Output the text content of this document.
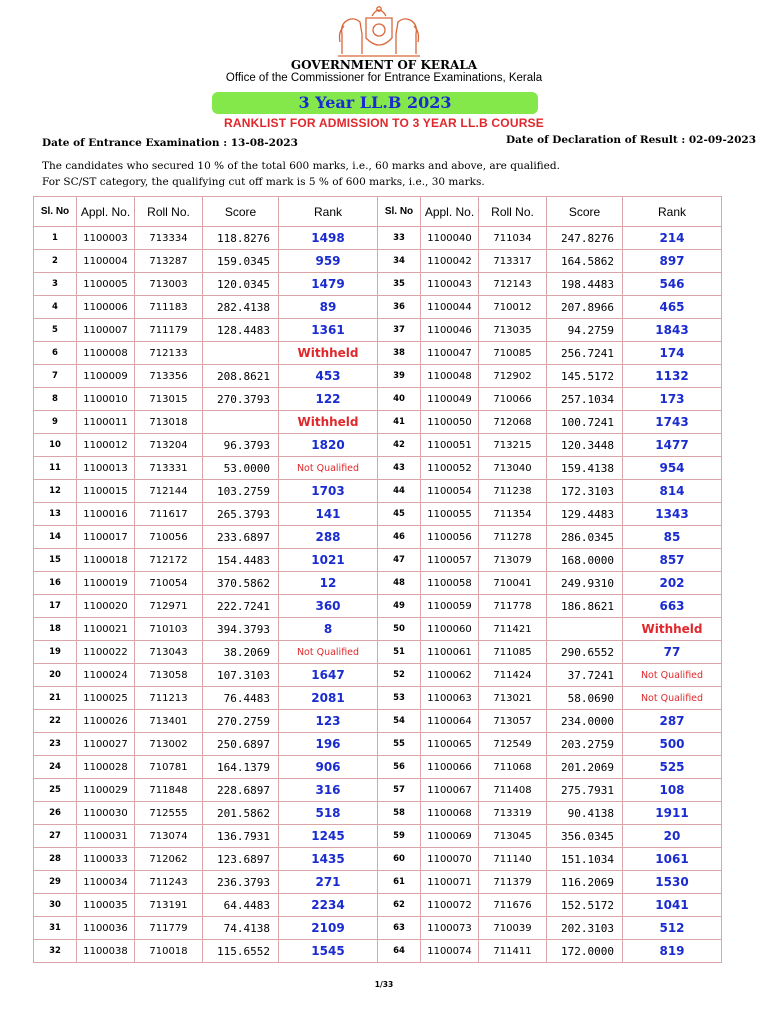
GOVERNMENT OF KERALA
Office of the Commissioner for Entrance Examinations, Kerala
3 Year LL.B 2023
RANKLIST FOR ADMISSION TO 3 YEAR LL.B COURSE
Date of Entrance Examination : 13-08-2023	Date of Declaration of Result : 02-09-2023
The candidates who secured 10 % of the total 600 marks, i.e., 60 marks and above, are qualified.
For SC/ST category, the qualifying cut off mark is 5 % of 600 marks, i.e., 30 marks.
Sl. No	Appl. No.	Roll No.	Score	Rank	Sl. No	Appl. No.	Roll No.	Score	Rank	
1	1100003	713334	118.8276	1498	33	1100040	711034	247.8276	214	
2	1100004	713287	159.0345	959	34	1100042	713317	164.5862	897	
3	1100005	713003	120.0345	1479	35	1100043	712143	198.4483	546	
4	1100006	711183	282.4138	89	36	1100044	710012	207.8966	465	
5	1100007	711179	128.4483	1361	37	1100046	713035	94.2759	1843	
6	1100008	712133		Withheld	38	1100047	710085	256.7241	174	
7	1100009	713356	208.8621	453	39	1100048	712902	145.5172	1132	
8	1100010	713015	270.3793	122	40	1100049	710066	257.1034	173	
9	1100011	713018		Withheld	41	1100050	712068	100.7241	1743	
10	1100012	713204	96.3793	1820	42	1100051	713215	120.3448	1477	
11	1100013	713331	53.0000	Not Qualified	43	1100052	713040	159.4138	954	
12	1100015	712144	103.2759	1703	44	1100054	711238	172.3103	814	
13	1100016	711617	265.3793	141	45	1100055	711354	129.4483	1343	
14	1100017	710056	233.6897	288	46	1100056	711278	286.0345	85	
15	1100018	712172	154.4483	1021	47	1100057	713079	168.0000	857	
16	1100019	710054	370.5862	12	48	1100058	710041	249.9310	202	
17	1100020	712971	222.7241	360	49	1100059	711778	186.8621	663	
18	1100021	710103	394.3793	8	50	1100060	711421		Withheld	
19	1100022	713043	38.2069	Not Qualified	51	1100061	711085	290.6552	77	
20	1100024	713058	107.3103	1647	52	1100062	711424	37.7241	Not Qualified	
21	1100025	711213	76.4483	2081	53	1100063	713021	58.0690	Not Qualified	
22	1100026	713401	270.2759	123	54	1100064	713057	234.0000	287	
23	1100027	713002	250.6897	196	55	1100065	712549	203.2759	500	
24	1100028	710781	164.1379	906	56	1100066	711068	201.2069	525	
25	1100029	711848	228.6897	316	57	1100067	711408	275.7931	108	
26	1100030	712555	201.5862	518	58	1100068	713319	90.4138	1911	
27	1100031	713074	136.7931	1245	59	1100069	713045	356.0345	20	
28	1100033	712062	123.6897	1435	60	1100070	711140	151.1034	1061	
29	1100034	711243	236.3793	271	61	1100071	711379	116.2069	1530	
30	1100035	713191	64.4483	2234	62	1100072	711676	152.5172	1041	
31	1100036	711779	74.4138	2109	63	1100073	710039	202.3103	512	
32	1100038	710018	115.6552	1545	64	1100074	711411	172.0000	819	
1/33
